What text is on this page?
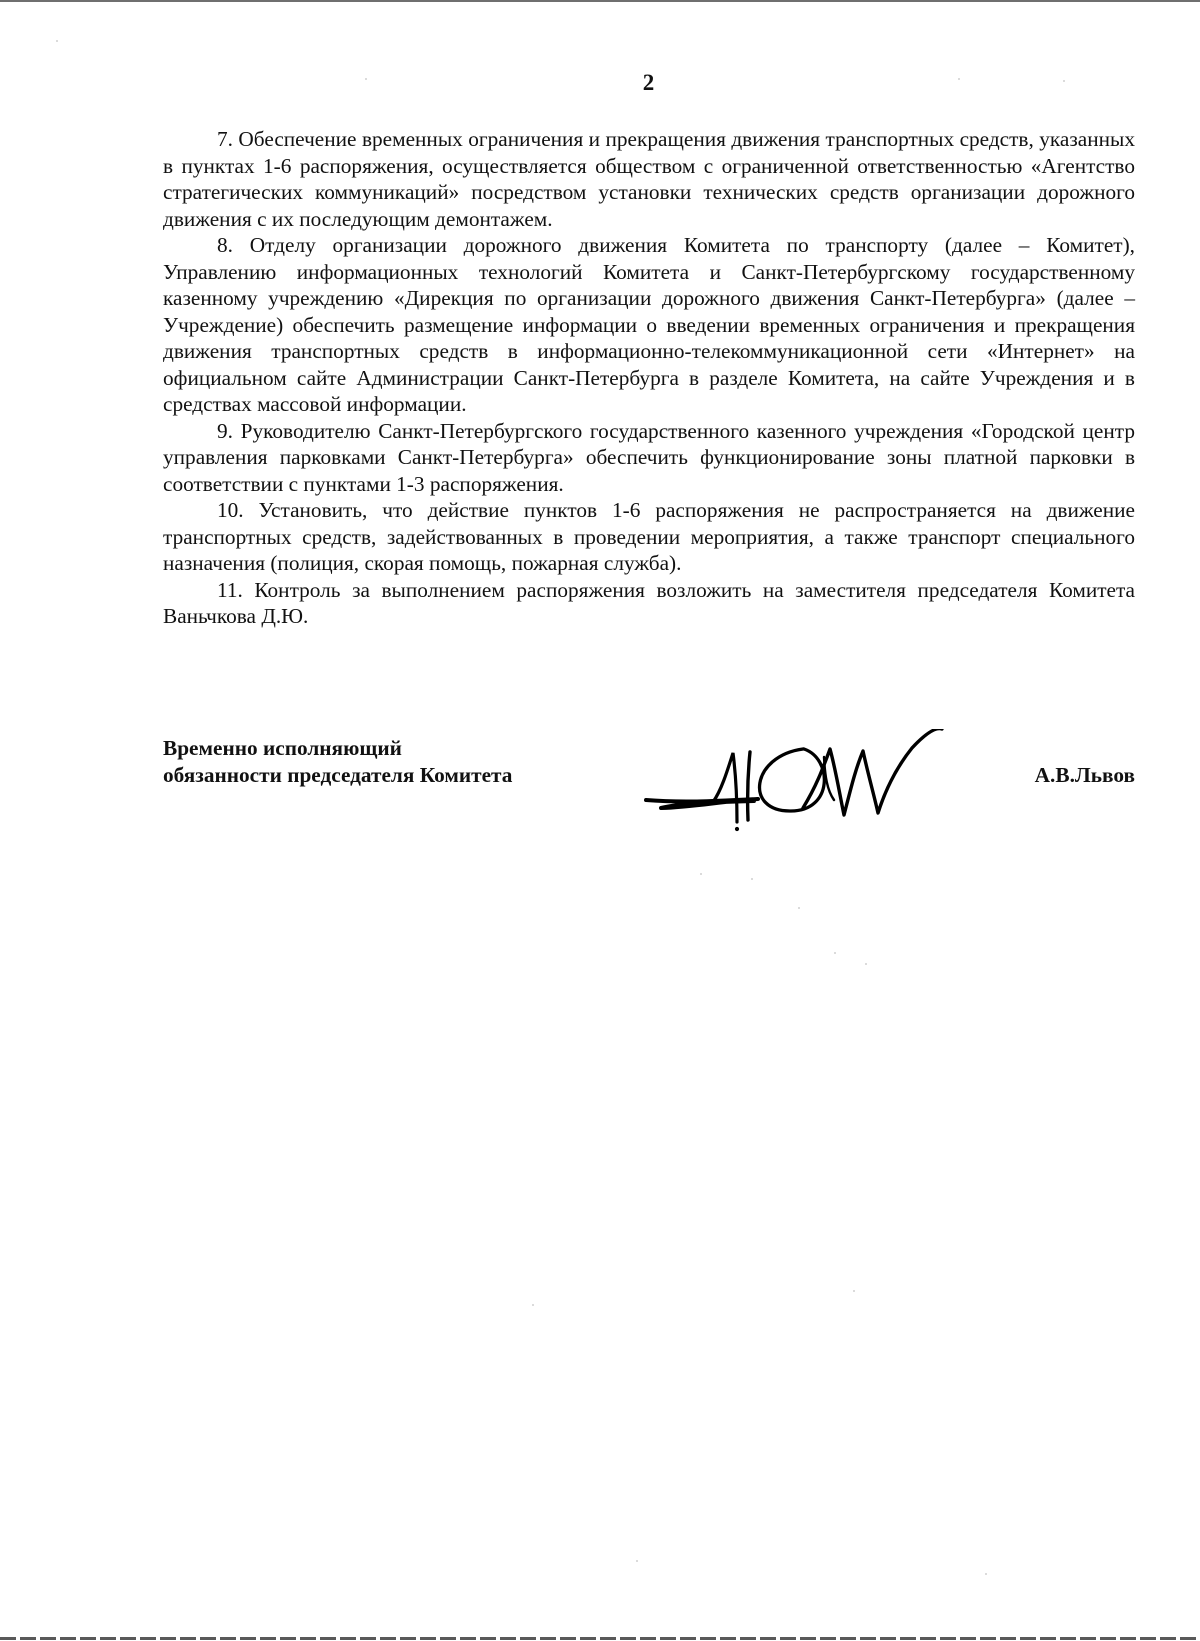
2

7. Обеспечение временных ограничения и прекращения движения транспортных средств, указанных в пунктах 1-6 распоряжения, осуществляется обществом с ограниченной ответственностью «Агентство стратегических коммуникаций» посредством установки технических средств организации дорожного движения с их последующим демонтажем.

8. Отделу организации дорожного движения Комитета по транспорту (далее – Комитет), Управлению информационных технологий Комитета и Санкт-Петербургскому государственному казенному учреждению «Дирекция по организации дорожного движения Санкт-Петербурга» (далее – Учреждение) обеспечить размещение информации о введении временных ограничения и прекращения движения транспортных средств в информационно-телекоммуникационной сети «Интернет» на официальном сайте Администрации Санкт-Петербурга в разделе Комитета, на сайте Учреждения и в средствах массовой информации.

9. Руководителю Санкт-Петербургского государственного казенного учреждения «Городской центр управления парковками Санкт-Петербурга» обеспечить функционирование зоны платной парковки в соответствии с пунктами 1-3 распоряжения.

10. Установить, что действие пунктов 1-6 распоряжения не распространяется на движение транспортных средств, задействованных в проведении мероприятия, а также транспорт специального назначения (полиция, скорая помощь, пожарная служба).

11. Контроль за выполнением распоряжения возложить на заместителя председателя Комитета Ваньчкова Д.Ю.

Временно исполняющий
обязанности председателя Комитета	А.В.Львов
